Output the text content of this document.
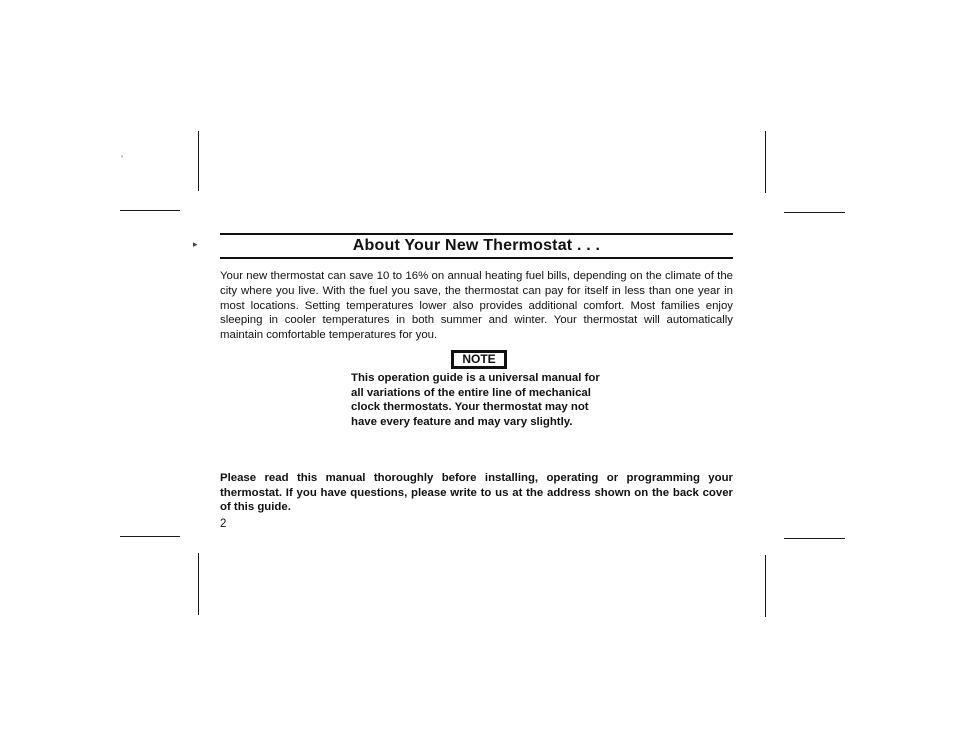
’
▸	About Your New Thermostat . . .
Your new thermostat can save 10 to 16% on annual heating fuel bills, depending on the climate of the city where you live. With the fuel you save, the thermostat can pay for itself in less than one year in most locations. Setting temperatures lower also provides additional comfort. Most families enjoy sleeping in cooler temperatures in both summer and winter. Your thermostat will automatically maintain comfortable temperatures for you.
NOTE
This operation guide is a universal manual for all variations of the entire line of mechanical clock thermostats. Your thermostat may not have every feature and may vary slightly.
Please read this manual thoroughly before installing, operating or programming your thermostat. If you have questions, please write to us at the address shown on the back cover of this guide.
2
